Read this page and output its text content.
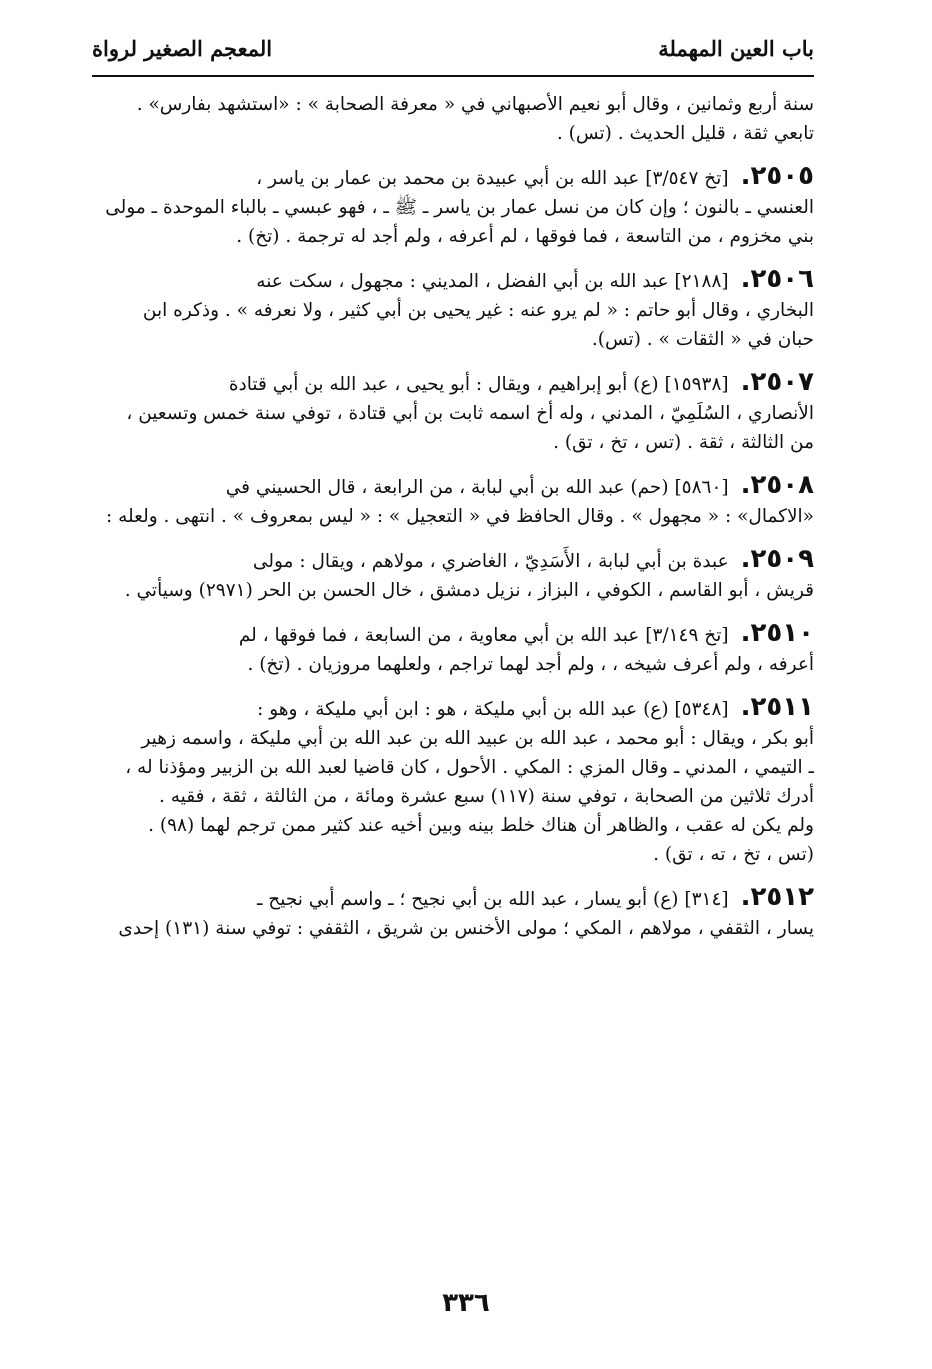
باب العين المهملة
المعجم الصغير لرواة
سنة أربع وثمانين ، وقال أبو نعيم الأصبهاني في « معرفة الصحابة » : «استشهد بفارس» .
تابعي ثقة ، قليل الحديث . (تس) .
٢٥٠٥.[تخ ٣/٥٤٧] عبد الله بن أبي عبيدة بن محمد بن عمار بن ياسر ،
العنسي ـ بالنون ؛ وإن كان من نسل عمار بن ياسر ـ ﷺ ـ ، فهو عبسي ـ بالباء الموحدة ـ مولى
بني مخزوم ، من التاسعة ، فما فوقها ، لم أعرفه ، ولم أجد له ترجمة . (تخ) .
٢٥٠٦.[٢١٨٨] عبد الله بن أبي الفضل ، المديني : مجهول ، سكت عنه
البخاري ، وقال أبو حاتم : « لم يرو عنه : غير يحيى بن أبي كثير ، ولا نعرفه » . وذكره ابن
حبان في « الثقات » . (تس).
٢٥٠٧.[١٥٩٣٨] (ع) أبو إبراهيم ، ويقال : أبو يحيى ، عبد الله بن أبي قتادة
الأنصاري ، السُلَمِيّ ، المدني ، وله أخ اسمه ثابت بن أبي قتادة ، توفي سنة خمس وتسعين ،
من الثالثة ، ثقة . (تس ، تخ ، تق) .
٢٥٠٨.[٥٨٦٠] (حم) عبد الله بن أبي لبابة ، من الرابعة ، قال الحسيني في
«الاكمال» : « مجهول » . وقال الحافظ في « التعجيل » : « ليس بمعروف » . انتهى . ولعله :
٢٥٠٩.عبدة بن أبي لبابة ، الأَسَدِيّ ، الغاضري ، مولاهم ، ويقال : مولى
قريش ، أبو القاسم ، الكوفي ، البزاز ، نزيل دمشق ، خال الحسن بن الحر (٢٩٧١) وسيأتي .
٢٥١٠.[تخ ٣/١٤٩] عبد الله بن أبي معاوية ، من السابعة ، فما فوقها ، لم
أعرفه ، ولم أعرف شيخه ، ، ولم أجد لهما تراجم ، ولعلهما مروزيان . (تخ) .
٢٥١١.[٥٣٤٨] (ع) عبد الله بن أبي مليكة ، هو : ابن أبي مليكة ، وهو :
أبو بكر ، ويقال : أبو محمد ، عبد الله بن عبيد الله بن عبد الله بن أبي مليكة ، واسمه زهير
ـ التيمي ، المدني ـ وقال المزي : المكي . الأحول ، كان قاضيا لعبد الله بن الزبير ومؤذنا له ،
أدرك ثلاثين من الصحابة ، توفي سنة (١١٧) سبع عشرة ومائة ، من الثالثة ، ثقة ، فقيه .
ولم يكن له عقب ، والظاهر أن هناك خلط بينه وبين أخيه عند كثير ممن ترجم لهما (٩٨) .
(تس ، تخ ، ته ، تق) .
٢٥١٢.[٣١٤] (ع) أبو يسار ، عبد الله بن أبي نجيح ؛ ـ واسم أبي نجيح ـ
يسار ، الثقفي ، مولاهم ، المكي ؛ مولى الأخنس بن شريق ، الثقفي : توفي سنة (١٣١) إحدى
٣٣٦
